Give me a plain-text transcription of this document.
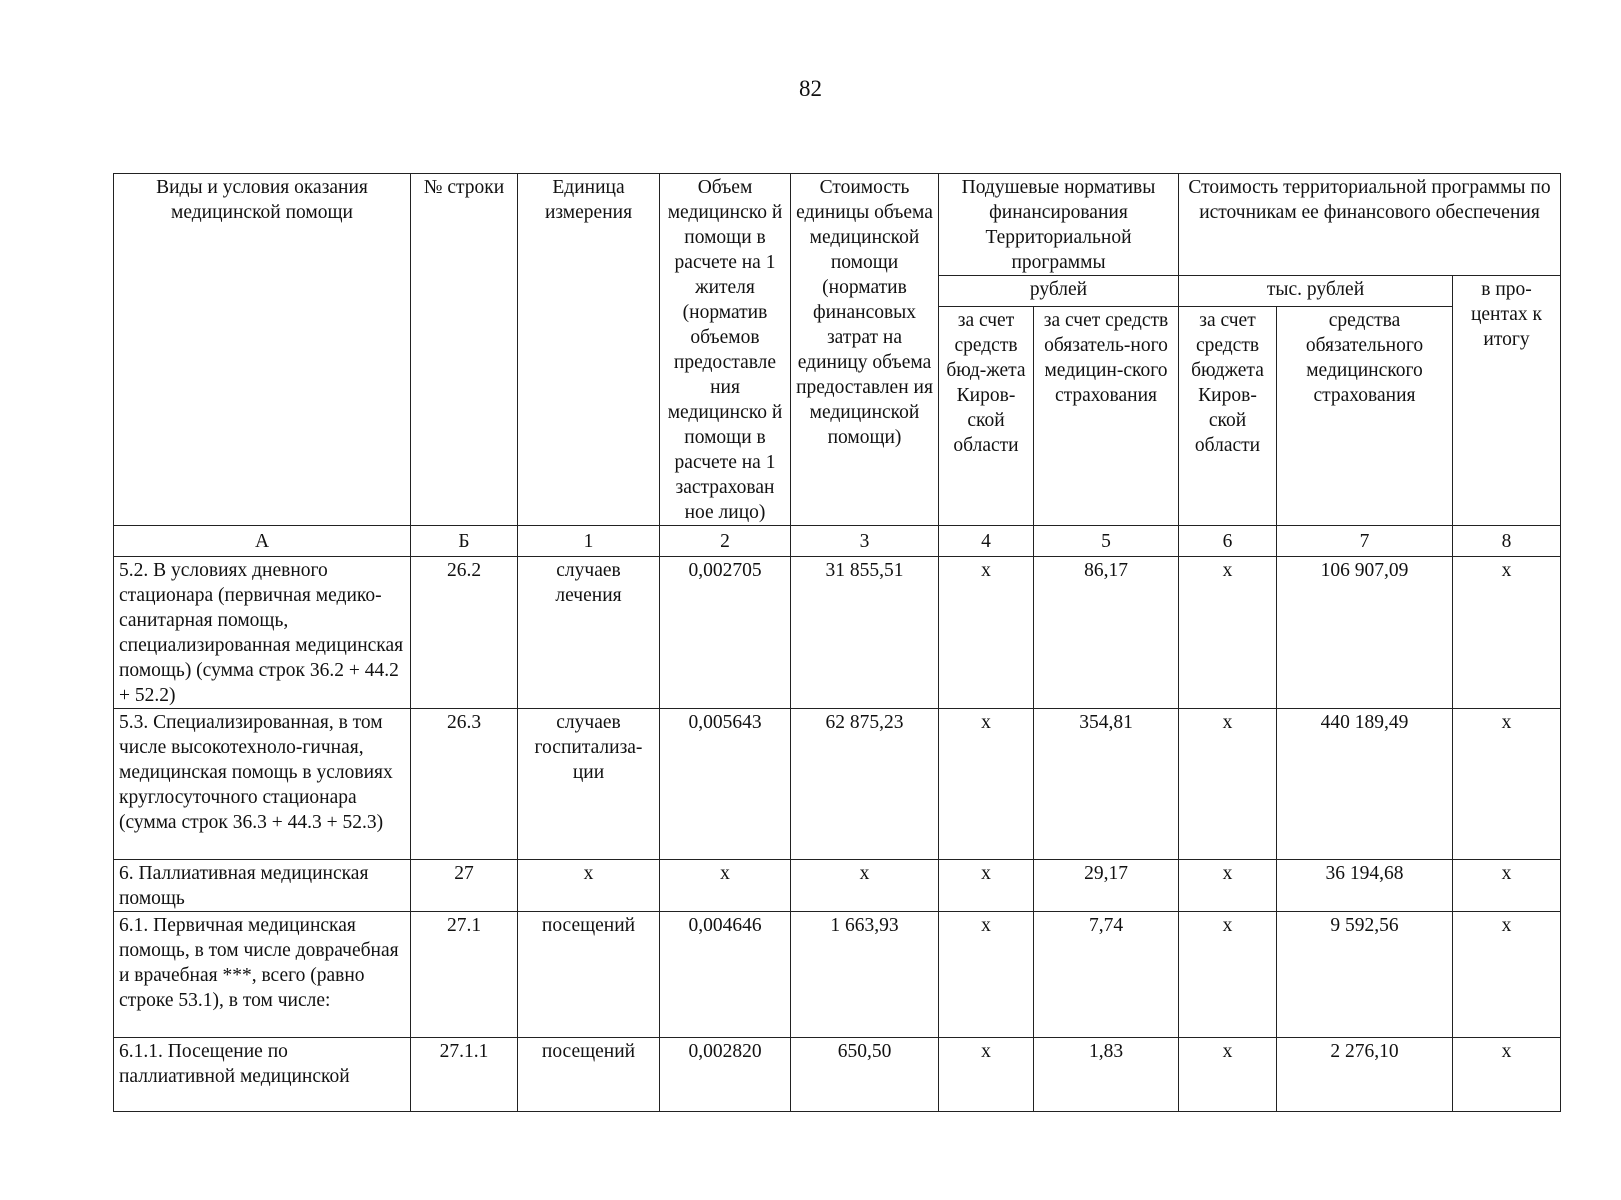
82
Виды и условия оказания медицинской помощи	№ строки	Единица измерения	Объем медицинско й помощи в расчете на 1 жителя (норматив объемов предоставле ния медицинско й помощи в расчете на 1 застрахован ное лицо)	Стоимость единицы объема медицинской помощи (норматив финансовых затрат на единицу объема предоставлен ия медицинской помощи)	Подушевые нормативы финансирования Территориальной программы		Стоимость территориальной программы по источникам ее финансового обеспечения		
					рублей		тыс. рублей		в про-центах к итогу
					за счет средств бюд-жета Киров-ской области	за счет средств обязатель-ного медицин-ского страхования	за счет средств бюджета Киров-ской области	средства обязательного медицинского страхования	
А	Б	1	2	3	4	5	6	7	8
5.2. В условиях дневного стационара (первичная медико-санитарная помощь, специализированная медицинская помощь) (сумма строк 36.2 + 44.2 + 52.2)	26.2	случаев лечения	0,002705	31 855,51	х	86,17	х	106 907,09	х
5.3. Специализированная, в том числе высокотехноло-гичная, медицинская помощь в условиях круглосуточного стационара (сумма строк 36.3 + 44.3 + 52.3)	26.3	случаев госпитализа-ции	0,005643	62 875,23	х	354,81	х	440 189,49	х
6. Паллиативная медицинская помощь	27	х	х	х	х	29,17	х	36 194,68	х
6.1. Первичная медицинская помощь, в том числе доврачебная и врачебная ***, всего (равно строке 53.1), в том числе:	27.1	посещений	0,004646	1 663,93	х	7,74	х	9 592,56	х
6.1.1. Посещение по паллиативной медицинской	27.1.1	посещений	0,002820	650,50	х	1,83	х	2 276,10	х
